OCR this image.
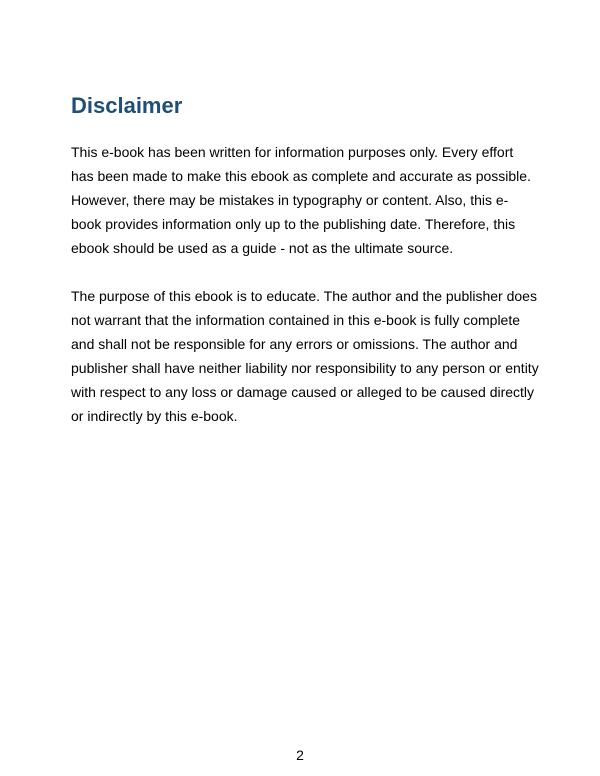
Disclaimer

This e-book has been written for information purposes only. Every effort

has been made to make this ebook as complete and accurate as possible.

However, there may be mistakes in typography or content. Also, this e-

book provides information only up to the publishing date. Therefore, this

ebook should be used as a guide - not as the ultimate source.

The purpose of this ebook is to educate. The author and the publisher does

not warrant that the information contained in this e-book is fully complete

and shall not be responsible for any errors or omissions. The author and

publisher shall have neither liability nor responsibility to any person or entity

with respect to any loss or damage caused or alleged to be caused directly

or indirectly by this e-book.

2
